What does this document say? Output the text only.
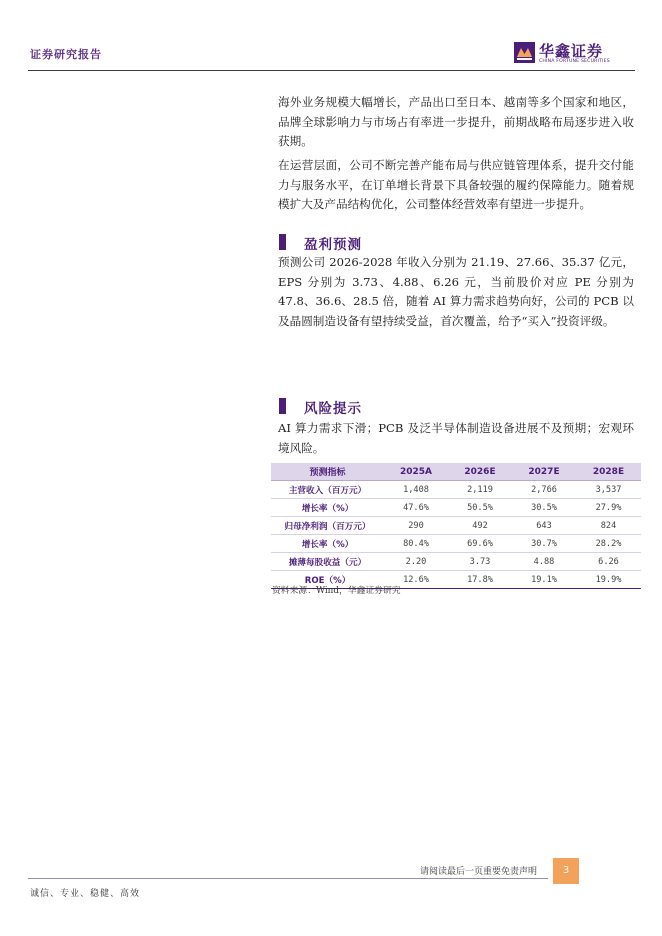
证券研究报告	华鑫证券
CHINA FORTUNE SECURITIES
海外业务规模大幅增长，产品出口至日本、越南等多个国家和地区，品牌全球影响力与市场占有率进一步提升，前期战略布局逐步进入收获期。
在运营层面，公司不断完善产能布局与供应链管理体系，提升交付能力与服务水平，在订单增长背景下具备较强的履约保障能力。随着规模扩大及产品结构优化，公司整体经营效率有望进一步提升。
盈利预测
预测公司 2026-2028 年收入分别为 21.19、27.66、35.37 亿元，EPS 分别为 3.73、4.88、6.26 元，当前股价对应 PE 分别为 47.8、36.6、28.5 倍，随着 AI 算力需求趋势向好，公司的 PCB 以及晶圆制造设备有望持续受益，首次覆盖，给予“买入”投资评级。
风险提示
AI 算力需求下滑；PCB 及泛半导体制造设备进展不及预期；宏观环境风险。
预测指标	2025A	2026E	2027E	2028E
主营收入（百万元）	1,408	2,119	2,766	3,537
增长率（%）	47.6%	50.5%	30.5%	27.9%
归母净利润（百万元）	290	492	643	824
增长率（%）	80.4%	69.6%	30.7%	28.2%
摊薄每股收益（元）	2.20	3.73	4.88	6.26
ROE（%）	12.6%	17.8%	19.1%	19.9%
资料来源：Wind，华鑫证券研究
请阅读最后一页重要免责声明	3
诚信、专业、稳健、高效
